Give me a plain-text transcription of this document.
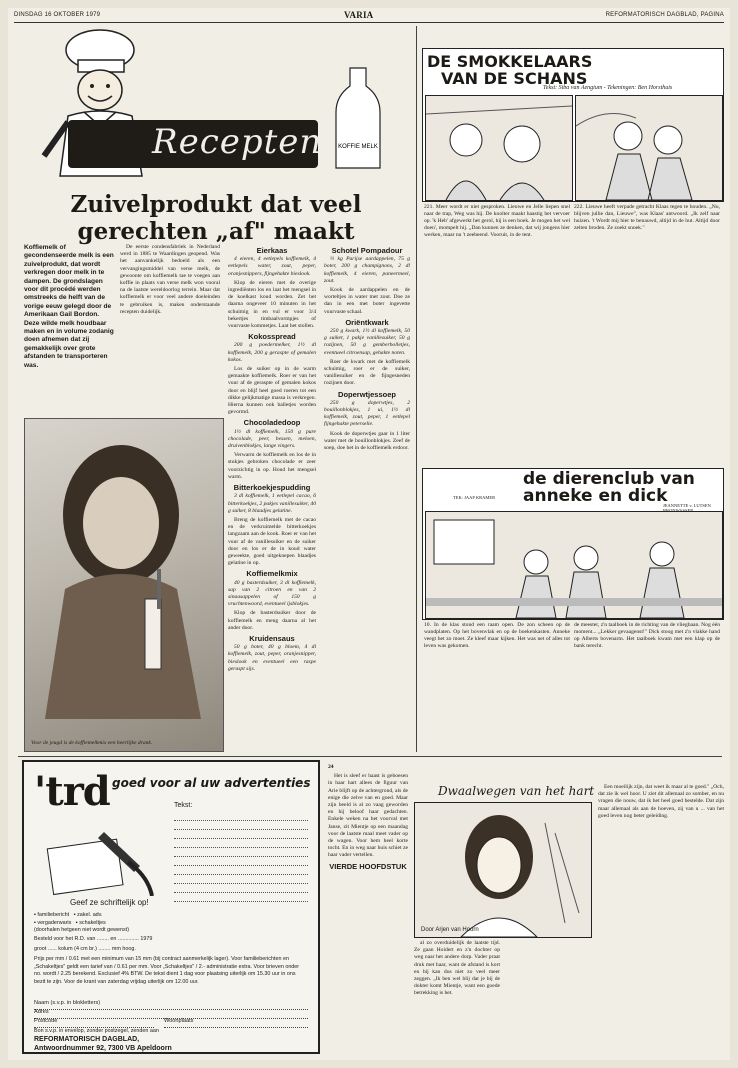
DINSDAG 16 OKTOBER 1979	VARIA	REFORMATORISCH DAGBLAD, PAGINA
Recepten	KOFFIE MELK
Zuivelprodukt dat veel gerechten „af" maakt
Koffiemelk of gecondenseerde melk is een zuivelprodukt, dat wordt verkregen door melk in te dampen. De grondslagen voor dit procédé werden omstreeks de helft van de vorige eeuw gelegd door de Amerikaan Gail Bordon. Deze wilde melk houdbaar maken en in volume zodanig doen afnemen dat zij gemakkelijk over grote afstanden te transporteren was.

De eerste condensfabriek in Nederland werd in 1885 te Waardingen geopend. Was het aanvankelijk bedoeld als een vervangingsmiddel van verse melk, de gewoonte om koffiemelk tae te voegen aan koffie in plaats van verse melk won vooral na de laatste wereldoorlog terrein. Maar dat koffiemelk er voor veel andere doeleinden te gebruiken is, maken onderstaande recepten duidelijk.

Eierkaas

4 eieren, 4 eetlepels koffiemelk, 4 eetlepels water, zout, peper, oranjesnippers, fijngehakte bieslook.

Klop de eieren met de overige ingrediënten los en laat het mengsel in de koelkast koud worden. Zet het daarna ongeveer 10 minuten in het schuimig in en vul er voor 3/4 bekertjes timbaalvormpjes of vuurvaste kommetjes. Laat het stollen.

Kokosspread

200 g poedermelker, 1½ dl koffiemelk, 200 g geraspte of gemalen kokos.

Los de suiker op in de warm gemaakte koffiemelk. Roer er van het vuur af de geraspte of gemalen kokos door en blijf heel goed roeren tot een dikke gelijkmatige massa is verkregen. Hierna kunnen ook balletjes worden gevormd.

Chocoladedoop

1½ dl koffiemelk, 150 g pure chocolade, peer, bessen, meloen, druivenblokjes, lange vingers.

Verwarm de koffiemelk en los de in stukjes gebroken chocolade er zeer voorzichtig in op. Houd het mengsel warm.

Bitterkoekjespudding

3 dl koffiemelk, 1 eetlepel cacao, 6 bitterkoekjes, 2 pakjes vanillesuiker, 40 g suiker, 8 blaadjes gelatine.

Breng de koffiemelk met de cacao en de verkruimelde bitterkoekjes langzaam aan de kook. Roer er van het vuur af de vanillesuiker en de suiker door en los er de in koud water geweekte, goed uitgeknepen blaadjes gelatine in op.

Koffiemelkmix

40 g basterdsuiker, 3 dl koffiemelk, sap van 2 citroen en van 2 sinaasappelen of 150 g vruchtenwoord, eventueel ijsblokjes.

Klop de basterdsuiker door de koffiemelk en meng daarna al het ander door.

Kruidensaus

50 g boter, 40 g bloem, 4 dl koffiemelk, zout, peper, oranjesnipper, bieslook en eventueel een raspe geraspt sijs.

Schotel Pompadour

½ kg Parijse aardappelen, 75 g boter, 200 g champignons, 2 dl koffiemelk, 4 eieren, paneermeel, zout.

Kook de aardappelen en de worteltjes in water met zout. Doe ze dan in een met boter ingevette vuurvaste schaal.

Oriëntkwark

250 g kwark, 1½ dl koffiemelk, 50 g suiker, 1 pakje vanillesuiker, 50 g rozijnen, 50 g gemberbolletjes, eventueel citroensap, gehakte noten.

Roer de kwark met de koffiemelk schuimig, roer er de suiker, vanillesuiker en de fijngesneden rozijnen door.

Doperwtjessoep

250 g doperwtjes, 2 bouillonblokjes, 1 ui, 1½ dl koffiemelk, zout, peper, 1 eetlepel fijngehakte peterselie.

Kook de doperwtjes gaar in 1 liter water met de bouillonblokjes. Zeef de soep, doe het in de koffiemelk erdoor.

Voor de jeugd is de koffiemelkmix een heerlijke drank.
DE SMOKKELAARS
VAN DE SCHANS
Tekst: Siba van Aengium - Tekeningen: Ben Horsthuis
221. Meer wordt er niet gesproken. Lieuwe en Jelle liepen snel naar de trap, Weg was hij. De koolter maakt haastig het vervoer op. 'k Heb' afgewerkt het gerol, hij is een boek. Je mogen het wel doen', mompelt hij. „Dan kunnen ze denken, dat wij jongens hier werken, maar nu 't zeebeend. Vooruit, in de tent.
222. Lieuwe heeft verpade getracht Klaas tegen te houden. „Nu, blijven jullie dan, Lieuwe", was Klaas' antwoord. „Ik zelf naar huizen. 't Wordt mij hier te benauwd, altijd in de hut. Altijd door zelten broden. Ze zoekt snoek."
de dierenclub van
anneke en dick
TEK: JAAP KRAMER
JEANNETTE v. LUTSEN
10. In de klas stond een raam open. De zon scheen op de wandplaten. Op het bovenvlak en op de boekenkasten. Anneke veegt het zo moet. Ze kleef maar kijken. Het was net of alles tot leven was gekomen.
de meester, z'n taalboek in de richting van de vliegbaan. Nog één moment... „Lekker gevaagenst!" Dick stoog met z'n vlakke hand op Alberts bovenarm. Het taalboek kwam met een klap op de bank terecht.
'trd goed voor al uw advertenties
Tekst:
Geef ze schriftelijk op!
▪ familiebericht ▪ zakel. adv.
▪ vergaderwaris ▪ schakeltjes
(doorhalen hetgeen niet wordt gewenst)
Besteld voor het R.D. van ........ en .............. 1979
groot ...... kolum (4 cm br.) ........ mm hoog.
Prijs per mm / 0.61 met een minimum van 15 mm (bij contract aanmerkelijk lager). Voor familieberichten en „Schakeltjes" geldt een tarief van / 0.61 per mm. Voor „Schakeltjes" / 2.- administratie extra. Voor brieven onder no. wordt / 2.25 berekend. Exclusief 4% BTW. De tekst dient 1 dag voor plaatsing uiterlijk om 15.30 uur in ons bezit te zijn. Voor de krant van zaterdag vrijdag uiterlijk om 12.00 uur.
Naam (s.v.p. in blokletters)
Adres
Postcode	Woonplaats
Bon s.v.p. in envelop, zonder postzegel, zenden aan
REFORMATORISCH DAGBLAD,
Antwoordnummer 92, 7300 VB Apeldoorn

24

Het is sleef er haast is geboesen in haar hart allees de figuur van Arie blijft op de achtergrond, als de enige die zelve van en goed. Maar zijn beeld is al zo vaag geworden en hij beloof haar gedachten. Enkele weken na het voorval met Janse, zit Mientje op een maandag voor de laatste maal meet vader op de wagen. Voor hem heel korte tocht. En in weg naar huis schiet ze haar vader vertellen.

VIERDE HOOFDSTUK
Dwaalwegen van het hart
Door Arjen van Hoorn

al zo overduidelijk de laatste tijd. Ze gaan Hoidert en z'n dochter op weg naar het andere dorp. Vader praat druk met haar, want de afstand is kort en bij kan dus niet zo veel meer zeggen. „Ik ben wel blij dat je bij de dokter komt Mientje, want een goede betrekking is het.

Een moeilijk zijn, dat weet ik maar al te goed." „Och, dat zie ik wel hoor. U ziet dit allemaal zo somber, en nu vragen die nouw, dat ik het heel goed bestelde. Dat zijn maar allemaal als aan de hoeven, zij van u ... van het goed leven nog beter geleiding.
